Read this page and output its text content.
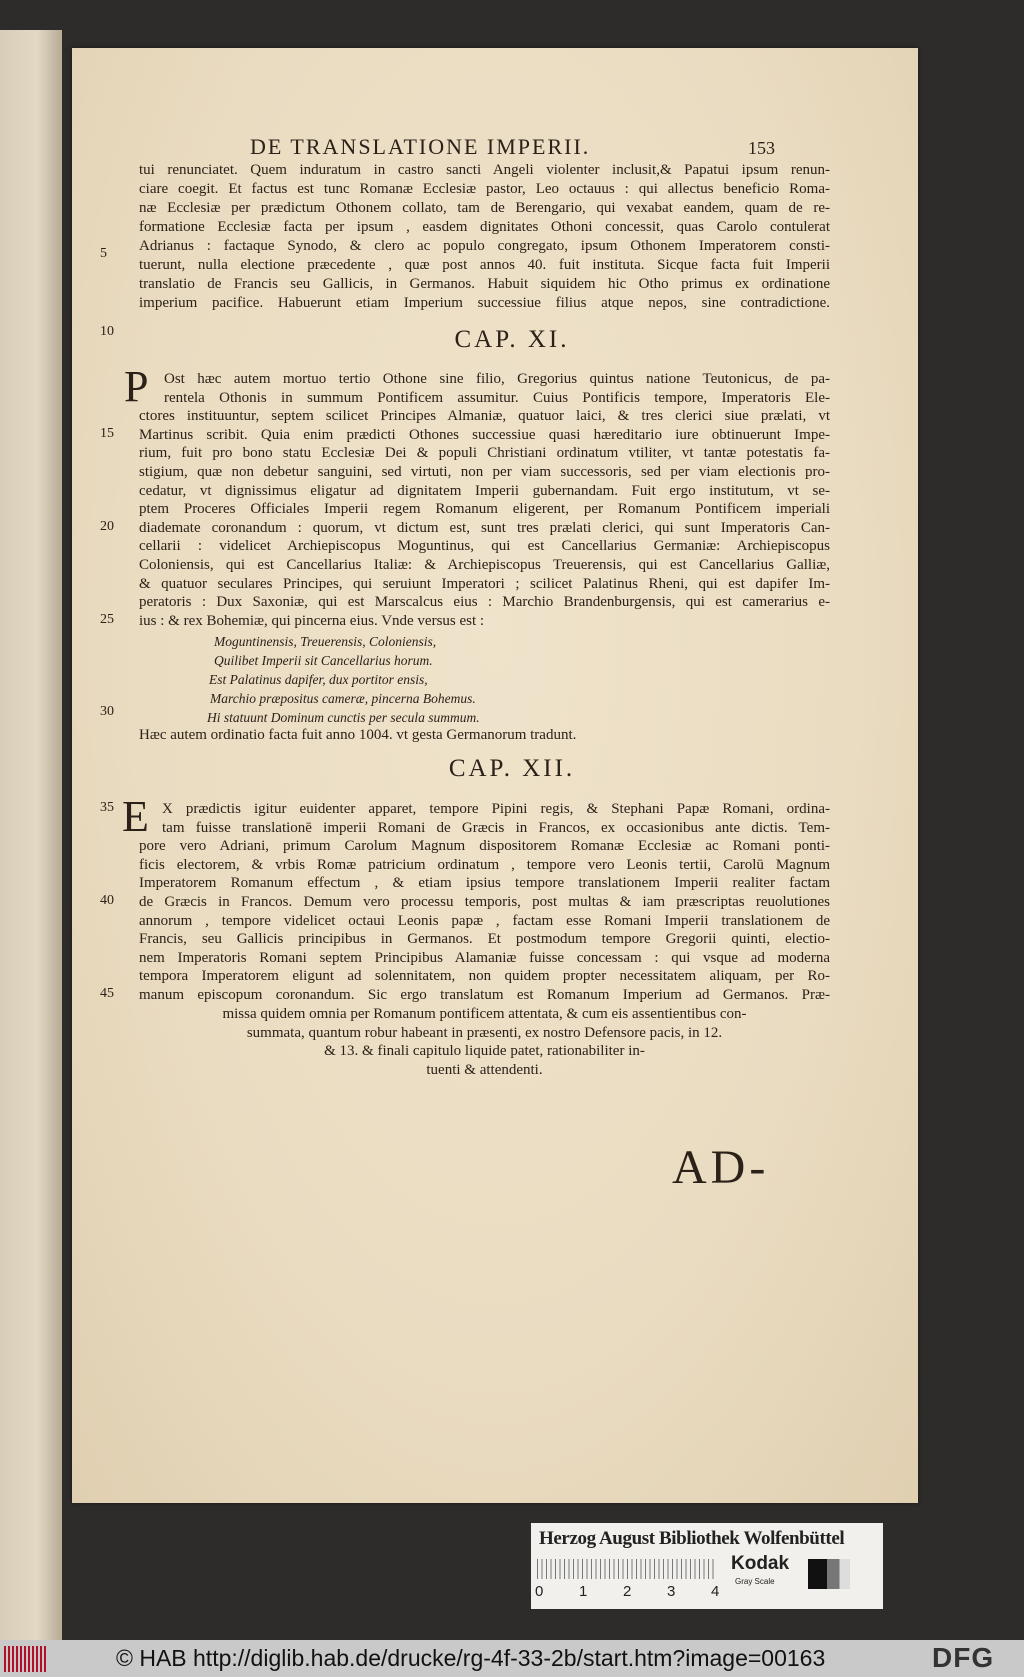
DE TRANSLATIONE IMPERII.	153
CAP. XI.
P
CAP. XII.
E
AD-
tui renunciatet. Quem induratum in castro sancti Angeli violenter inclusit,& Papatui ipsum renun-
ciare coegit. Et factus est tunc Romanæ Ecclesiæ pastor, Leo octauus : qui allectus beneficio Roma-
næ Ecclesiæ per prædictum Othonem collato, tam de Berengario, qui vexabat eandem, quam de re-
formatione Ecclesiæ facta per ipsum , easdem dignitates Othoni concessit, quas Carolo contulerat
Adrianus : factaque Synodo, & clero ac populo congregato, ipsum Othonem Imperatorem consti-
tuerunt, nulla electione præcedente , quæ post annos 40. fuit instituta. Sicque facta fuit Imperii
translatio de Francis seu Gallicis, in Germanos. Habuit siquidem hic Otho primus ex ordinatione
imperium pacifice. Habuerunt etiam Imperium successiue filius atque nepos, sine contradictione.
Ost hæc autem mortuo tertio Othone sine filio, Gregorius quintus natione Teutonicus, de pa-
rentela Othonis in summum Pontificem assumitur. Cuius Pontificis tempore, Imperatoris Ele-
ctores instituuntur, septem scilicet Principes Almaniæ, quatuor laici, & tres clerici siue prælati, vt
Martinus scribit. Quia enim prædicti Othones successiue quasi hæreditario iure obtinuerunt Impe-
rium, fuit pro bono statu Ecclesiæ Dei & populi Christiani ordinatum vtiliter, vt tantæ potestatis fa-
stigium, quæ non debetur sanguini, sed virtuti, non per viam successoris, sed per viam electionis pro-
cedatur, vt dignissimus eligatur ad dignitatem Imperii gubernandam. Fuit ergo institutum, vt se-
ptem Proceres Officiales Imperii regem Romanum eligerent, per Romanum Pontificem imperiali
diademate coronandum : quorum, vt dictum est, sunt tres prælati clerici, qui sunt Imperatoris Can-
cellarii : videlicet Archiepiscopus Moguntinus, qui est Cancellarius Germaniæ: Archiepiscopus
Coloniensis, qui est Cancellarius Italiæ: & Archiepiscopus Treuerensis, qui est Cancellarius Galliæ,
& quatuor seculares Principes, qui seruiunt Imperatori ; scilicet Palatinus Rheni, qui est dapifer Im-
peratoris : Dux Saxoniæ, qui est Marscalcus eius : Marchio Brandenburgensis, qui est camerarius e-
ius : & rex Bohemiæ, qui pincerna eius. Vnde versus est :
Moguntinensis, Treuerensis, Coloniensis,
Quilibet Imperii sit Cancellarius horum.
Est Palatinus dapifer, dux portitor ensis,
Marchio præpositus cameræ, pincerna Bohemus.
Hi statuunt Dominum cunctis per secula summum.
Hæc autem ordinatio facta fuit anno 1004. vt gesta Germanorum tradunt.
X prædictis igitur euidenter apparet, tempore Pipini regis, & Stephani Papæ Romani, ordina-
tam fuisse translationē imperii Romani de Græcis in Francos, ex occasionibus ante dictis. Tem-
pore vero Adriani, primum Carolum Magnum dispositorem Romanæ Ecclesiæ ac Romani ponti-
ficis electorem, & vrbis Romæ patricium ordinatum , tempore vero Leonis tertii, Carolū Magnum
Imperatorem Romanum effectum , & etiam ipsius tempore translationem Imperii realiter factam
de Græcis in Francos. Demum vero processu temporis, post multas & iam præscriptas reuolutiones
annorum , tempore videlicet octaui Leonis papæ , factam esse Romani Imperii translationem de
Francis, seu Gallicis principibus in Germanos. Et postmodum tempore Gregorii quinti, electio-
nem Imperatoris Romani septem Principibus Alamaniæ fuisse concessam : qui vsque ad moderna
tempora Imperatorem eligunt ad solennitatem, non quidem propter necessitatem aliquam, per Ro-
manum episcopum coronandum. Sic ergo translatum est Romanum Imperium ad Germanos. Præ-
missa quidem omnia per Romanum pontificem attentata, & cum eis assentientibus con-
summata, quantum robur habeant in præsenti, ex nostro Defensore pacis, in 12.
& 13. & finali capitulo liquide patet, rationabiliter in-
tuenti & attendenti.
5
10
15
20
25
30
35
40
45
Herzog August Bibliothek Wolfenbüttel
0 1 2 3 4
Kodak
Gray Scale
© HAB http://diglib.hab.de/drucke/rg-4f-33-2b/start.htm?image=00163	DFG
